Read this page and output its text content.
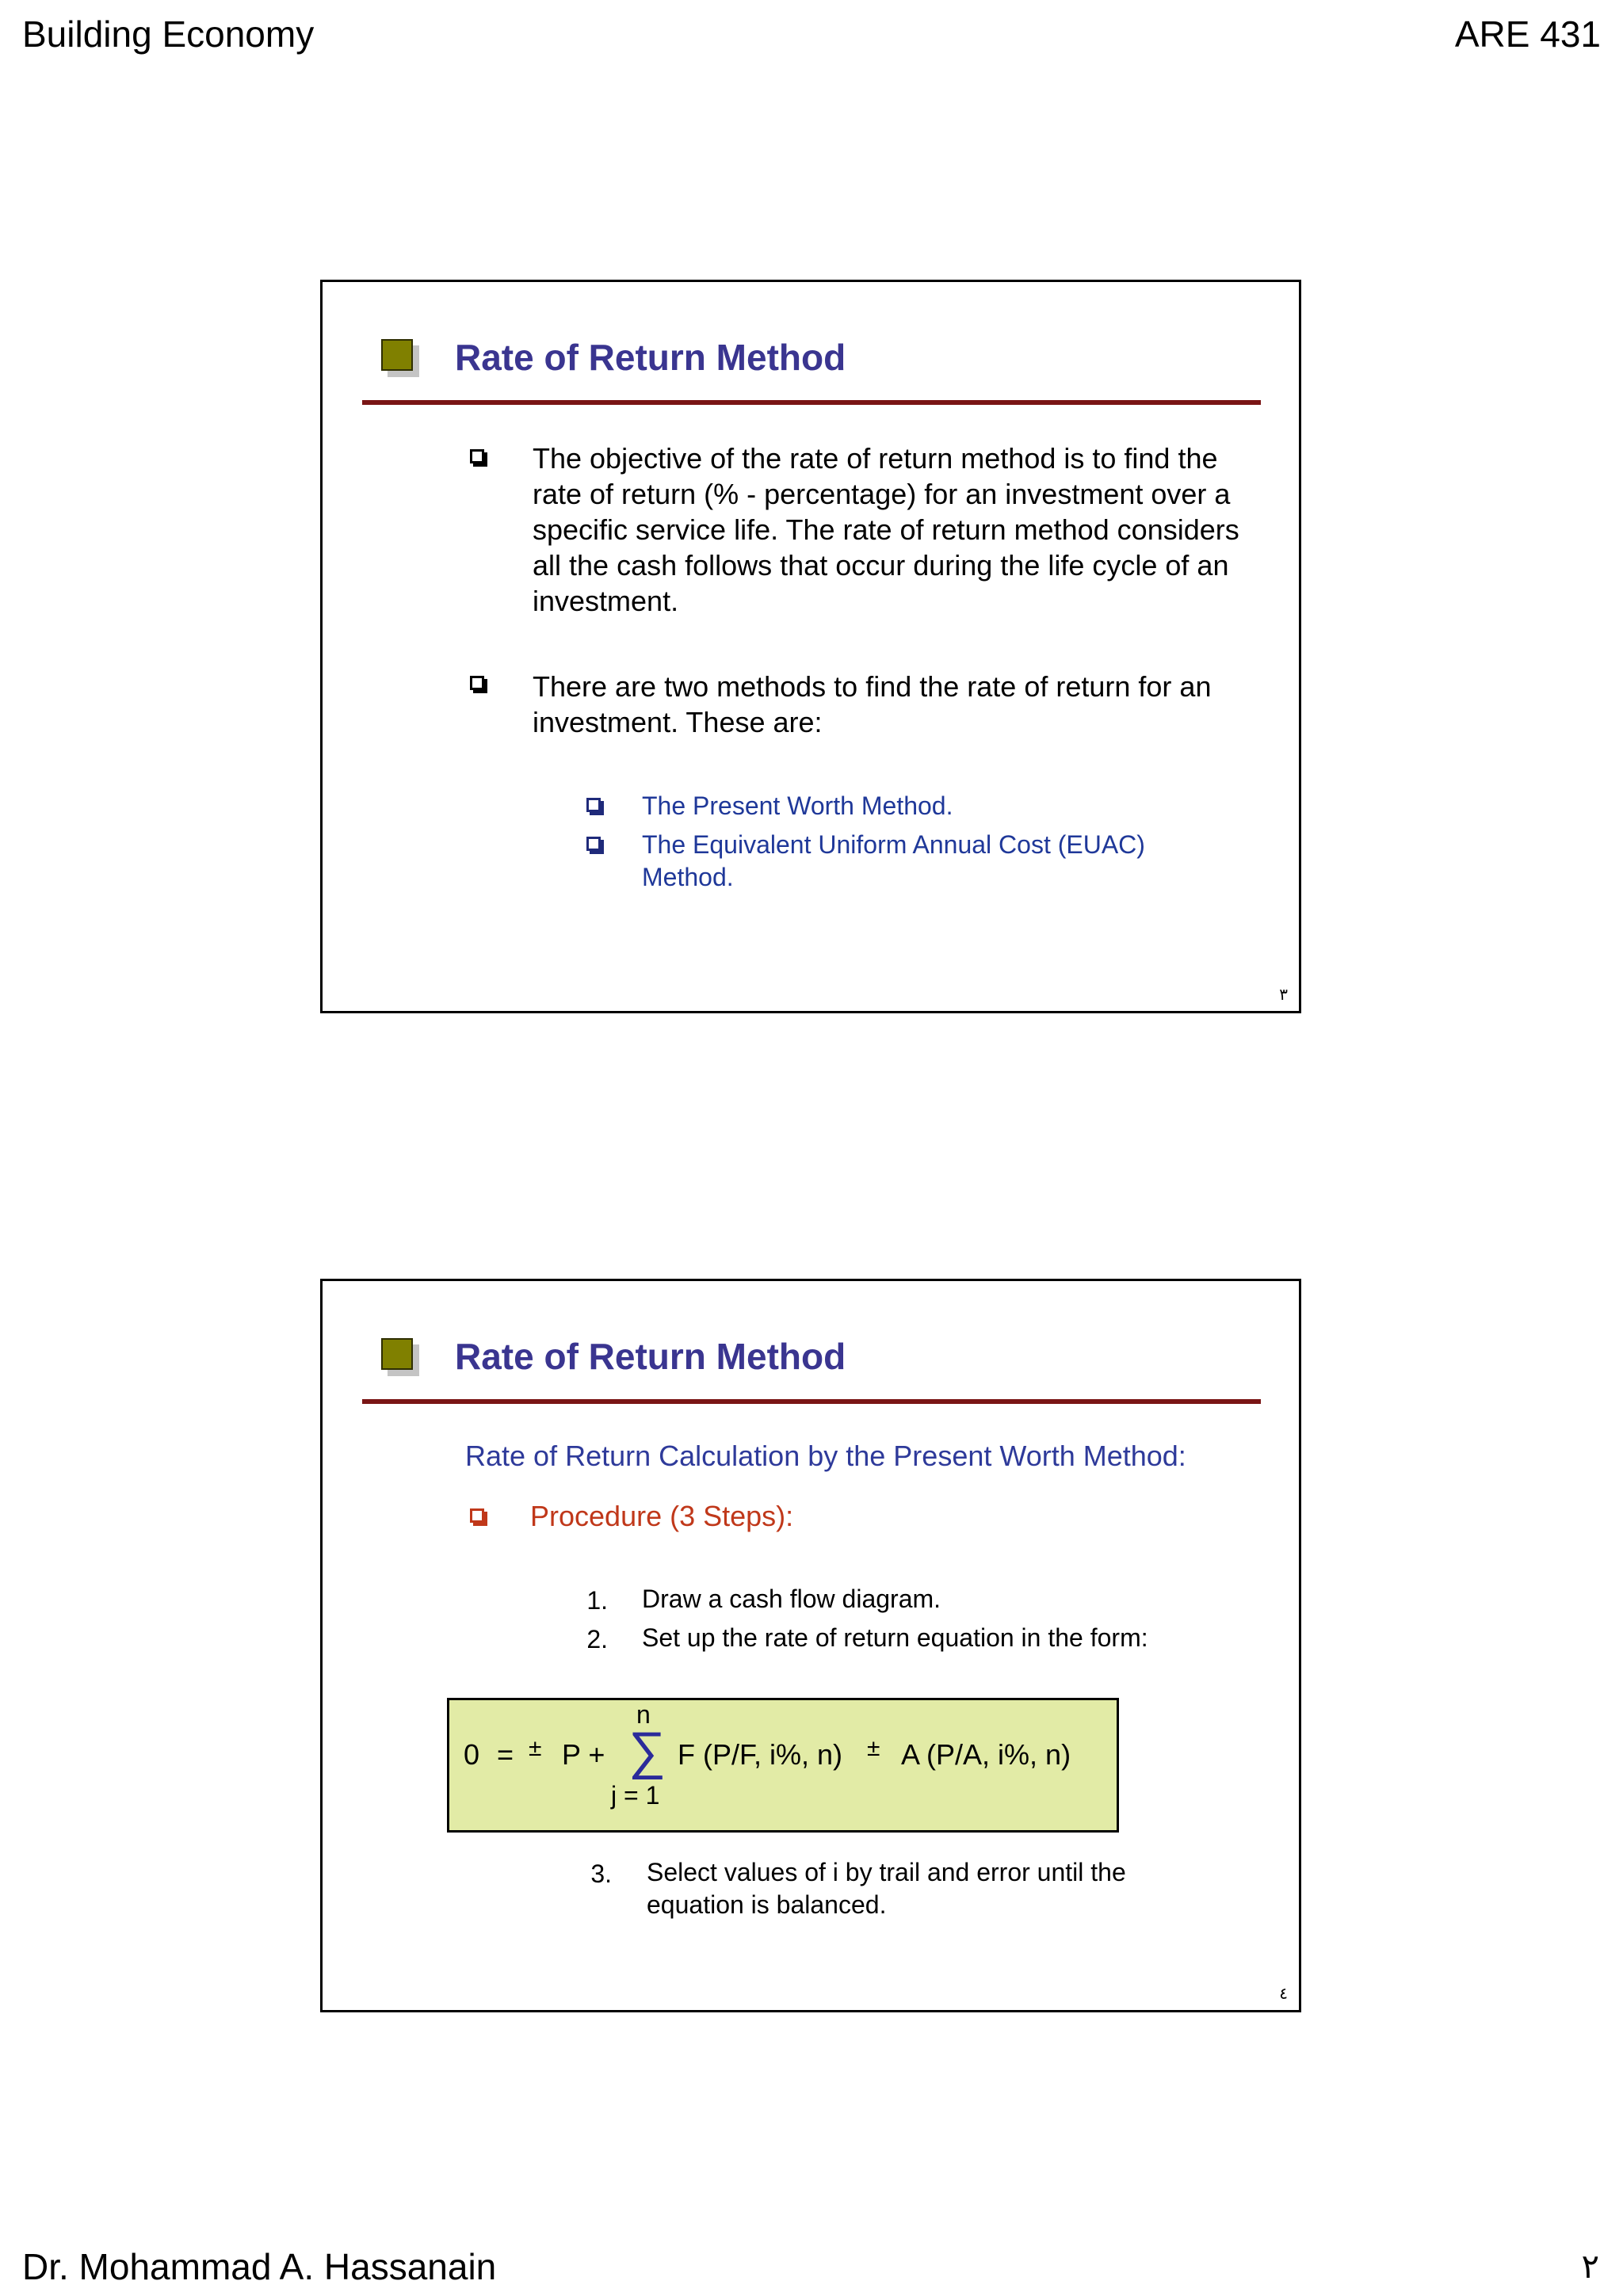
Building Economy	ARE 431
Rate of Return Method
The objective of the rate of return method is to find the rate of return (% - percentage) for an investment over a specific service life. The rate of return method considers all the cash follows that occur during the life cycle of an investment.
There are two methods to find the rate of return for an investment. These are:
The Present Worth Method.
The Equivalent Uniform Annual Cost (EUAC) Method.
٣
Rate of Return Method
Rate of Return Calculation by the Present Worth Method:
Procedure (3 Steps):
1. Draw a cash flow diagram.
2. Set up the rate of return equation in the form:
0 = ± P +
n
∑
j = 1
F (P/F, i%, n) ± A (P/A, i%, n)
3. Select values of i by trail and error until the equation is balanced.
٤
Dr. Mohammad A. Hassanain	٢
